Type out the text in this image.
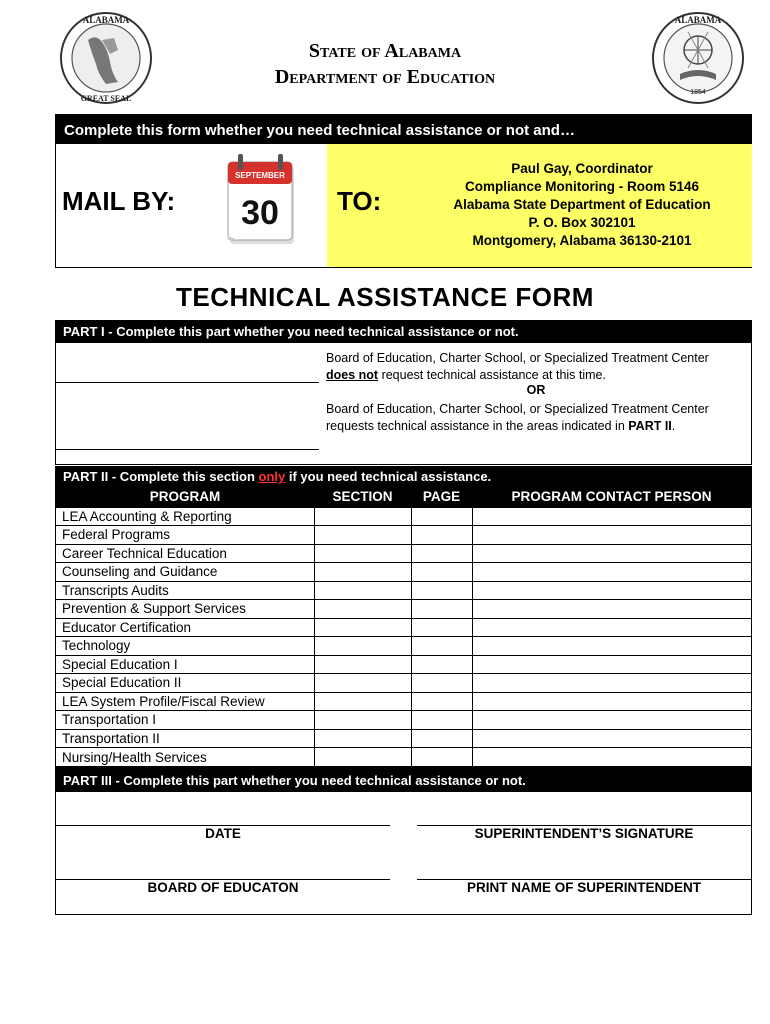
ALABAMA
GREAT SEAL
ALABAMA
1854
State of Alabama
Department of Education
Complete this form whether you need technical assistance or not and…
MAIL BY:
SEPTEMBER
30 TO:
Paul Gay, Coordinator
Compliance Monitoring - Room 5146
Alabama State Department of Education
P. O. Box 302101
Montgomery, Alabama 36130-2101
TECHNICAL ASSISTANCE FORM
PART I - Complete this part whether you need technical assistance or not.
Board of Education, Charter School, or Specialized Treatment Center does not request technical assistance at this time.
OR
Board of Education, Charter School, or Specialized Treatment Center requests technical assistance in the areas indicated in PART II.
PART II - Complete this section only if you need technical assistance.
PROGRAM	SECTION	PAGE	PROGRAM CONTACT PERSON
LEA Accounting & Reporting			
Federal Programs			
Career Technical Education			
Counseling and Guidance			
Transcripts Audits			
Prevention & Support Services			
Educator Certification			
Technology			
Special Education I			
Special Education II			
LEA System Profile/Fiscal Review			
Transportation I			
Transportation II			
Nursing/Health Services			
PART III - Complete this part whether you need technical assistance or not.
DATE	SUPERINTENDENT’S SIGNATURE
BOARD OF EDUCATON	PRINT NAME OF SUPERINTENDENT
